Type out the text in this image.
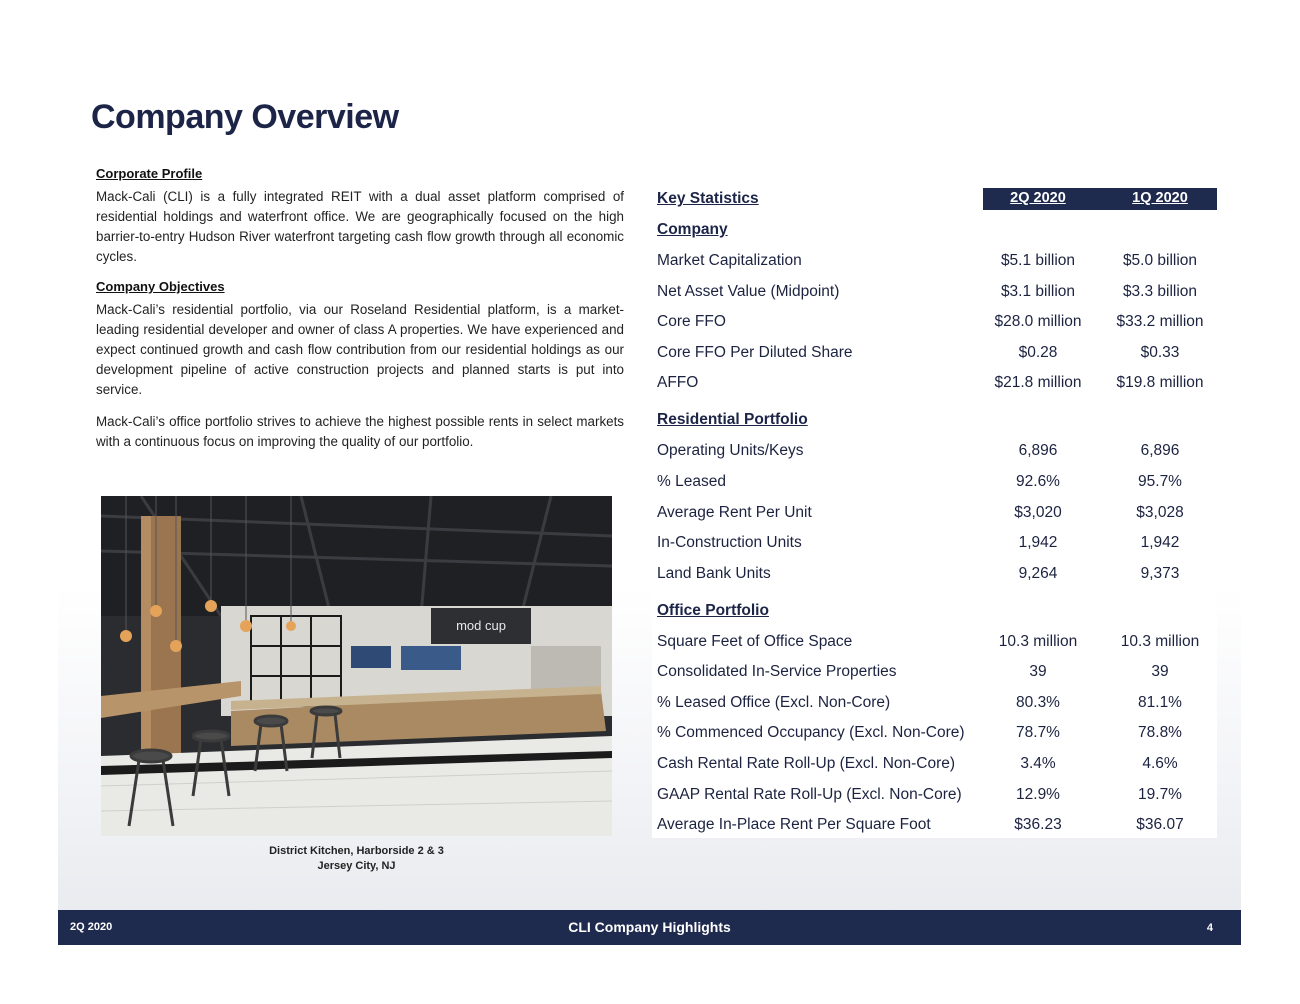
Company Overview
Corporate Profile
Mack-Cali (CLI) is a fully integrated REIT with a dual asset platform comprised of residential holdings and waterfront office. We are geographically focused on the high barrier-to-entry Hudson River waterfront targeting cash flow growth through all economic cycles.
Company Objectives
Mack-Cali’s residential portfolio, via our Roseland Residential platform, is a market-leading residential developer and owner of class A properties. We have experienced and expect continued growth and cash flow contribution from our residential holdings as our development pipeline of active construction projects and planned starts is put into service.
Mack-Cali’s office portfolio strives to achieve the highest possible rents in select markets with a continuous focus on improving the quality of our portfolio.
mod cup
District Kitchen, Harborside 2 & 3
Jersey City, NJ
Key Statistics	2Q 2020	1Q 2020
Company
Market Capitalization	$5.1 billion	$5.0 billion
Net Asset Value (Midpoint)	$3.1 billion	$3.3 billion
Core FFO	$28.0 million	$33.2 million
Core FFO Per Diluted Share	$0.28	$0.33
AFFO	$21.8 million	$19.8 million
Residential Portfolio
Operating Units/Keys	6,896	6,896
% Leased	92.6%	95.7%
Average Rent Per Unit	$3,020	$3,028
In-Construction Units	1,942	1,942
Land Bank Units	9,264	9,373
Office Portfolio
Square Feet of Office Space	10.3 million	10.3 million
Consolidated In-Service Properties	39	39
% Leased Office (Excl. Non-Core)	80.3%	81.1%
% Commenced Occupancy (Excl. Non-Core)	78.7%	78.8%
Cash Rental Rate Roll-Up (Excl. Non-Core)	3.4%	4.6%
GAAP Rental Rate Roll-Up (Excl. Non-Core)	12.9%	19.7%
Average In-Place Rent Per Square Foot	$36.23	$36.07
2Q 2020	CLI Company Highlights	4
